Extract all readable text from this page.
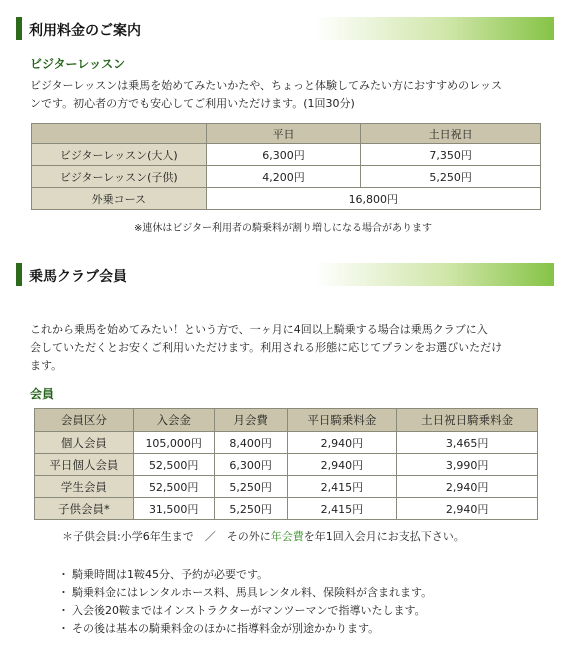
利用料金のご案内
ビジターレッスン
ビジターレッスンは乗馬を始めてみたいかたや、ちょっと体験してみたい方におすすめのレッス
ンです。初心者の方でも安心してご利用いただけます。(1回30分)
	平日	土日祝日
ビジターレッスン(大人)	6,300円	7,350円
ビジターレッスン(子供)	4,200円	5,250円
外乗コース	16,800円	
※連休はビジター利用者の騎乗料が割り増しになる場合があります
乗馬クラブ会員
これから乗馬を始めてみたい！という方で、一ヶ月に4回以上騎乗する場合は乗馬クラブに入
会していただくとお安くご利用いただけます。利用される形態に応じてプランをお選びいただけ
ます。
会員
会員区分	入会金	月会費	平日騎乗料金	土日祝日騎乗料金
個人会員	105,000円	8,400円	2,940円	3,465円
平日個人会員	52,500円	6,300円	2,940円	3,990円
学生会員	52,500円	5,250円	2,415円	2,940円
子供会員*	31,500円	5,250円	2,415円	2,940円
＊子供会員:小学6年生まで　／　その外に年会費を年1回入会月にお支払下さい。
・ 騎乗時間は1鞍45分、予約が必要です。
・ 騎乗料金にはレンタルホース料、馬具レンタル料、保険料が含まれます。
・ 入会後20鞍まではインストラクターがマンツーマンで指導いたします。
・ その後は基本の騎乗料金のほかに指導料金が別途かかります。
